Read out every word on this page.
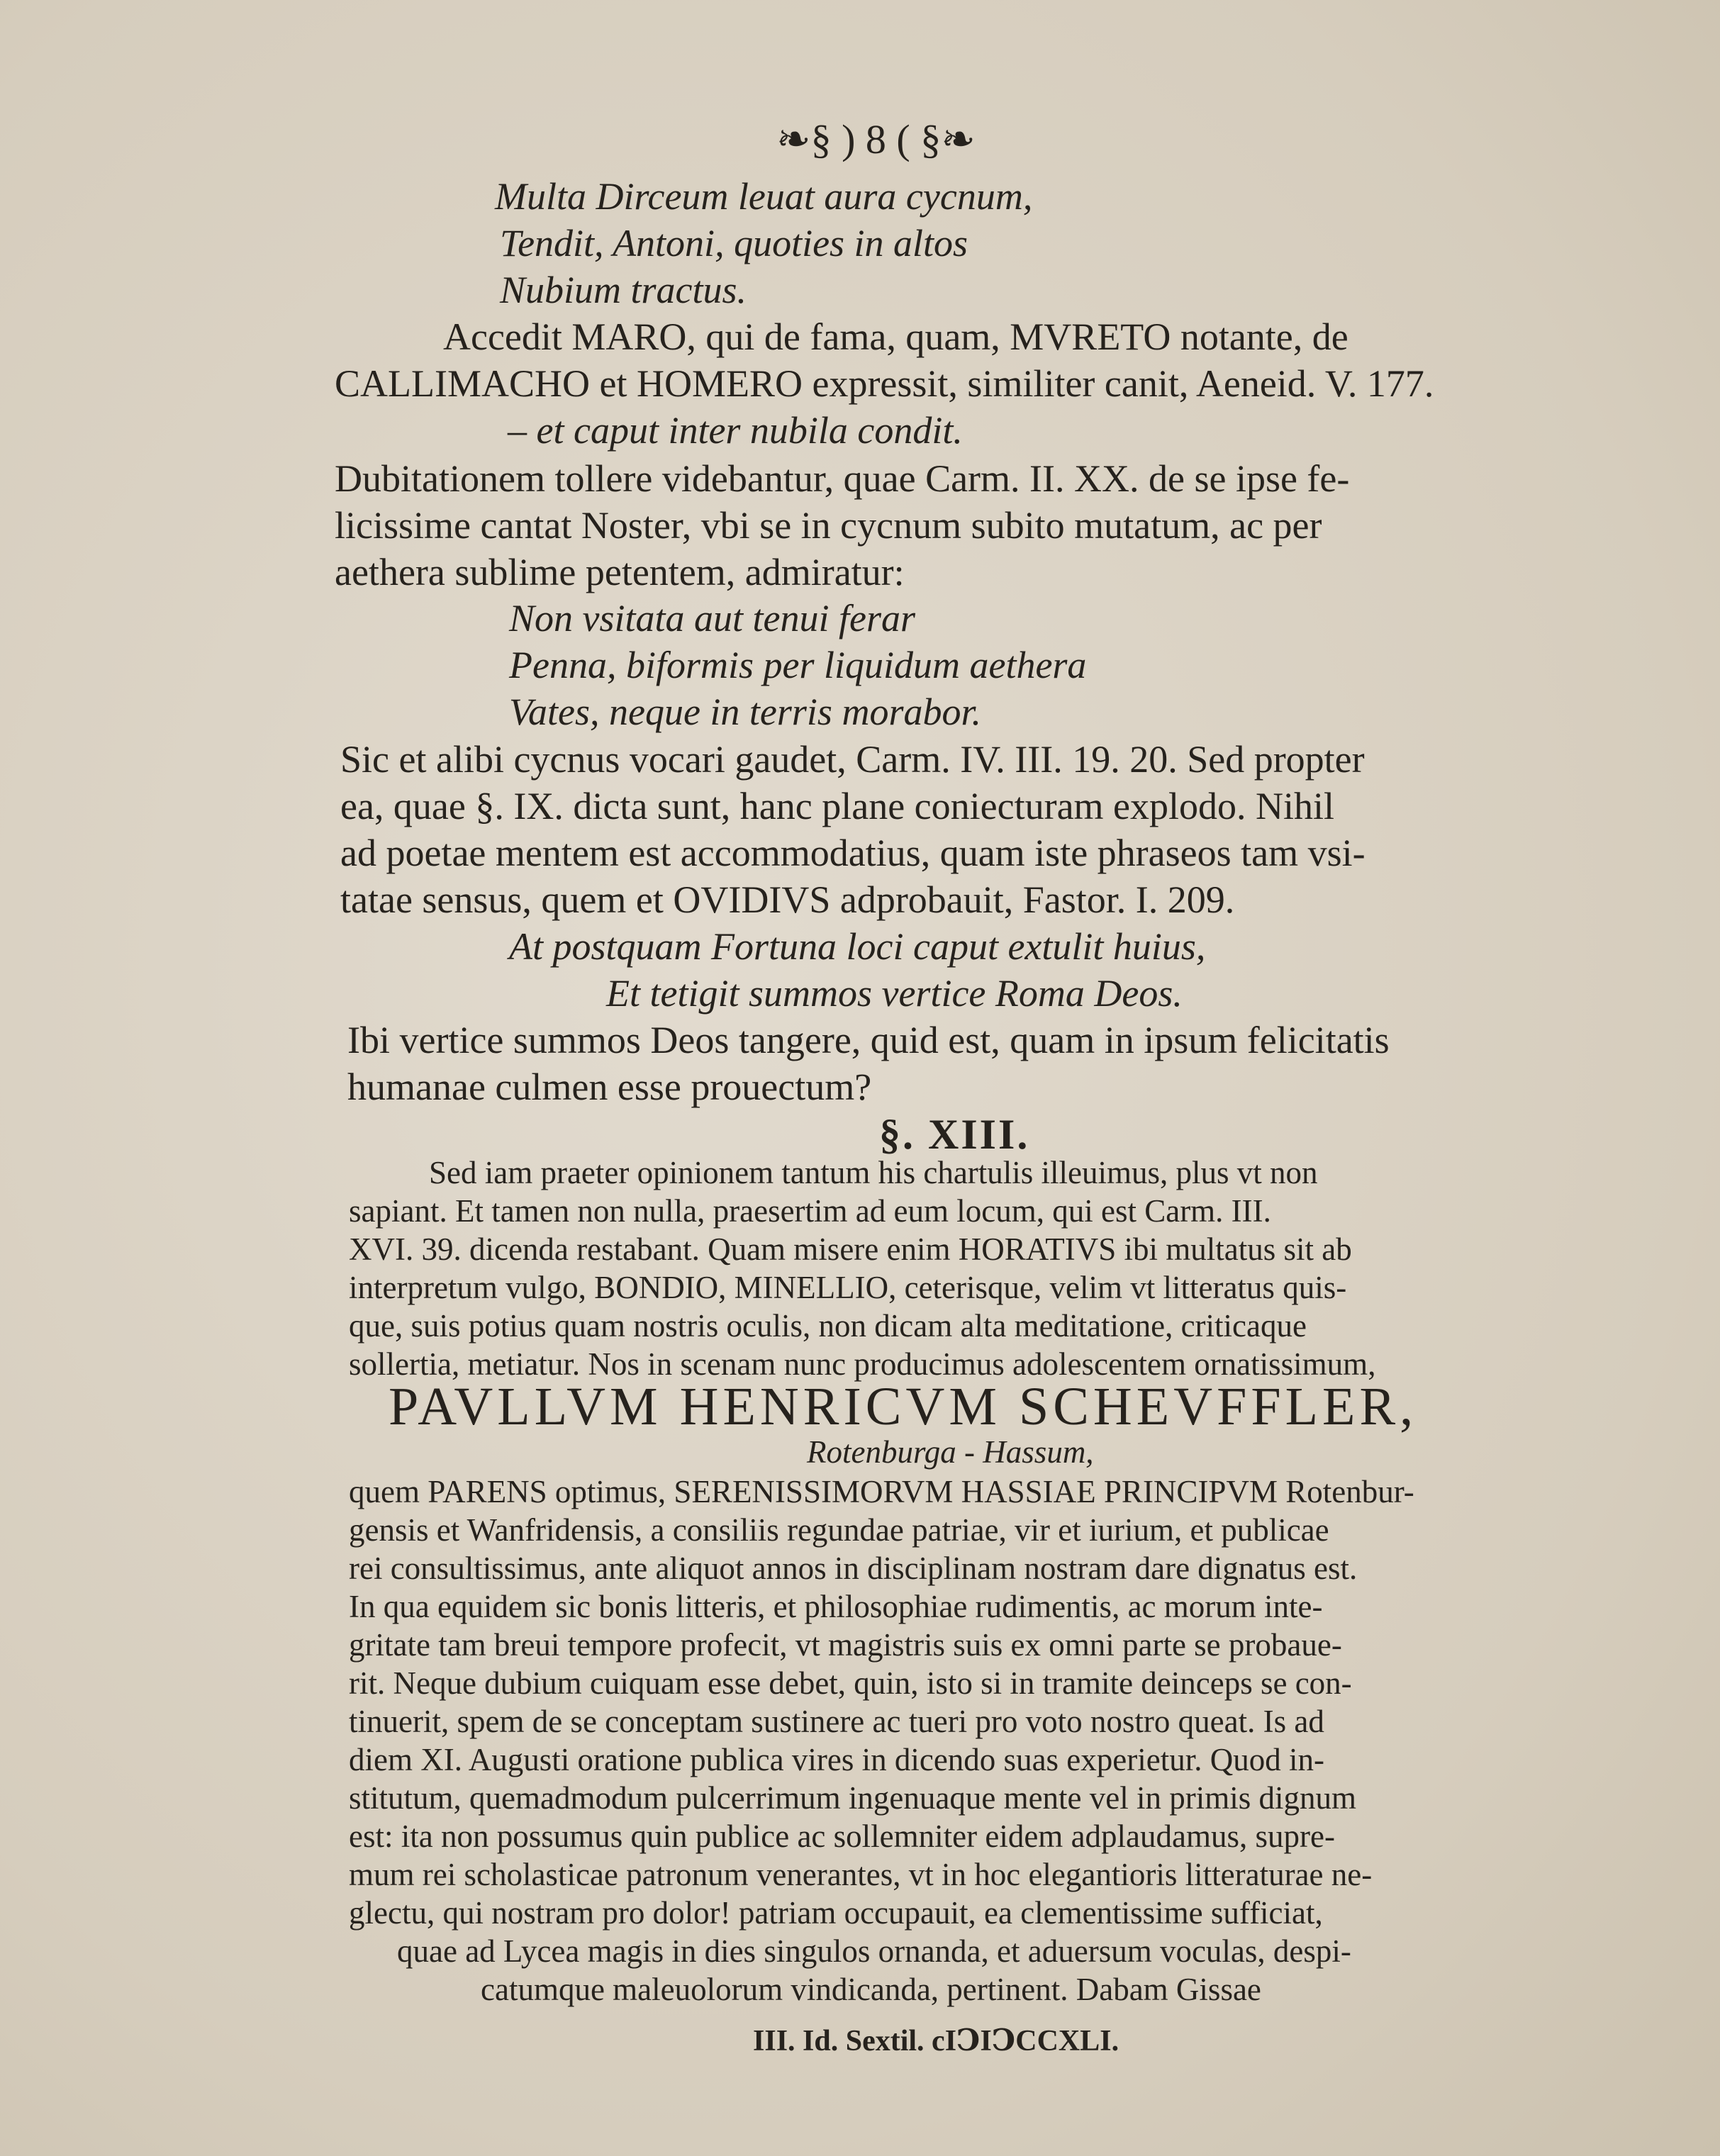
❧§ ) 8 ( §❧
Multa Dirceum leuat aura cycnum,
Tendit, Antoni, quoties in altos
Nubium tractus.
Accedit MARO, qui de fama, quam, MVRETO notante, de
CALLIMACHO et HOMERO expressit, similiter canit, Aeneid. V. 177.
– et caput inter nubila condit.
Dubitationem tollere videbantur, quae Carm. II. XX. de se ipse fe-
licissime cantat Noster, vbi se in cycnum subito mutatum, ac per
aethera sublime petentem, admiratur:
Non vsitata aut tenui ferar
Penna, biformis per liquidum aethera
Vates, neque in terris morabor.
Sic et alibi cycnus vocari gaudet, Carm. IV. III. 19. 20. Sed propter
ea, quae §. IX. dicta sunt, hanc plane coniecturam explodo. Nihil
ad poetae mentem est accommodatius, quam iste phraseos tam vsi-
tatae sensus, quem et OVIDIVS adprobauit, Fastor. I. 209.
At postquam Fortuna loci caput extulit huius,
Et tetigit summos vertice Roma Deos.
Ibi vertice summos Deos tangere, quid est, quam in ipsum felicitatis
humanae culmen esse prouectum?
§. XIII.
Sed iam praeter opinionem tantum his chartulis illeuimus, plus vt non
sapiant. Et tamen non nulla, praesertim ad eum locum, qui est Carm. III.
XVI. 39. dicenda restabant. Quam misere enim HORATIVS ibi multatus sit ab
interpretum vulgo, BONDIO, MINELLIO, ceterisque, velim vt litteratus quis-
que, suis potius quam nostris oculis, non dicam alta meditatione, criticaque
sollertia, metiatur. Nos in scenam nunc producimus adolescentem ornatissimum,
PAVLLVM HENRICVM SCHEVFFLER,
Rotenburga - Hassum,
quem PARENS optimus, SERENISSIMORVM HASSIAE PRINCIPVM Rotenbur-
gensis et Wanfridensis, a consiliis regundae patriae, vir et iurium, et publicae
rei consultissimus, ante aliquot annos in disciplinam nostram dare dignatus est.
In qua equidem sic bonis litteris, et philosophiae rudimentis, ac morum inte-
gritate tam breui tempore profecit, vt magistris suis ex omni parte se probaue-
rit. Neque dubium cuiquam esse debet, quin, isto si in tramite deinceps se con-
tinuerit, spem de se conceptam sustinere ac tueri pro voto nostro queat. Is ad
diem XI. Augusti oratione publica vires in dicendo suas experietur. Quod in-
stitutum, quemadmodum pulcerrimum ingenuaque mente vel in primis dignum
est: ita non possumus quin publice ac sollemniter eidem adplaudamus, supre-
mum rei scholasticae patronum venerantes, vt in hoc elegantioris litteraturae ne-
glectu, qui nostram pro dolor! patriam occupauit, ea clementissime sufficiat,
quae ad Lycea magis in dies singulos ornanda, et aduersum voculas, despi-
catumque maleuolorum vindicanda, pertinent. Dabam Gissae
III. Id. Sextil. cIↃIↃCCXLI.
